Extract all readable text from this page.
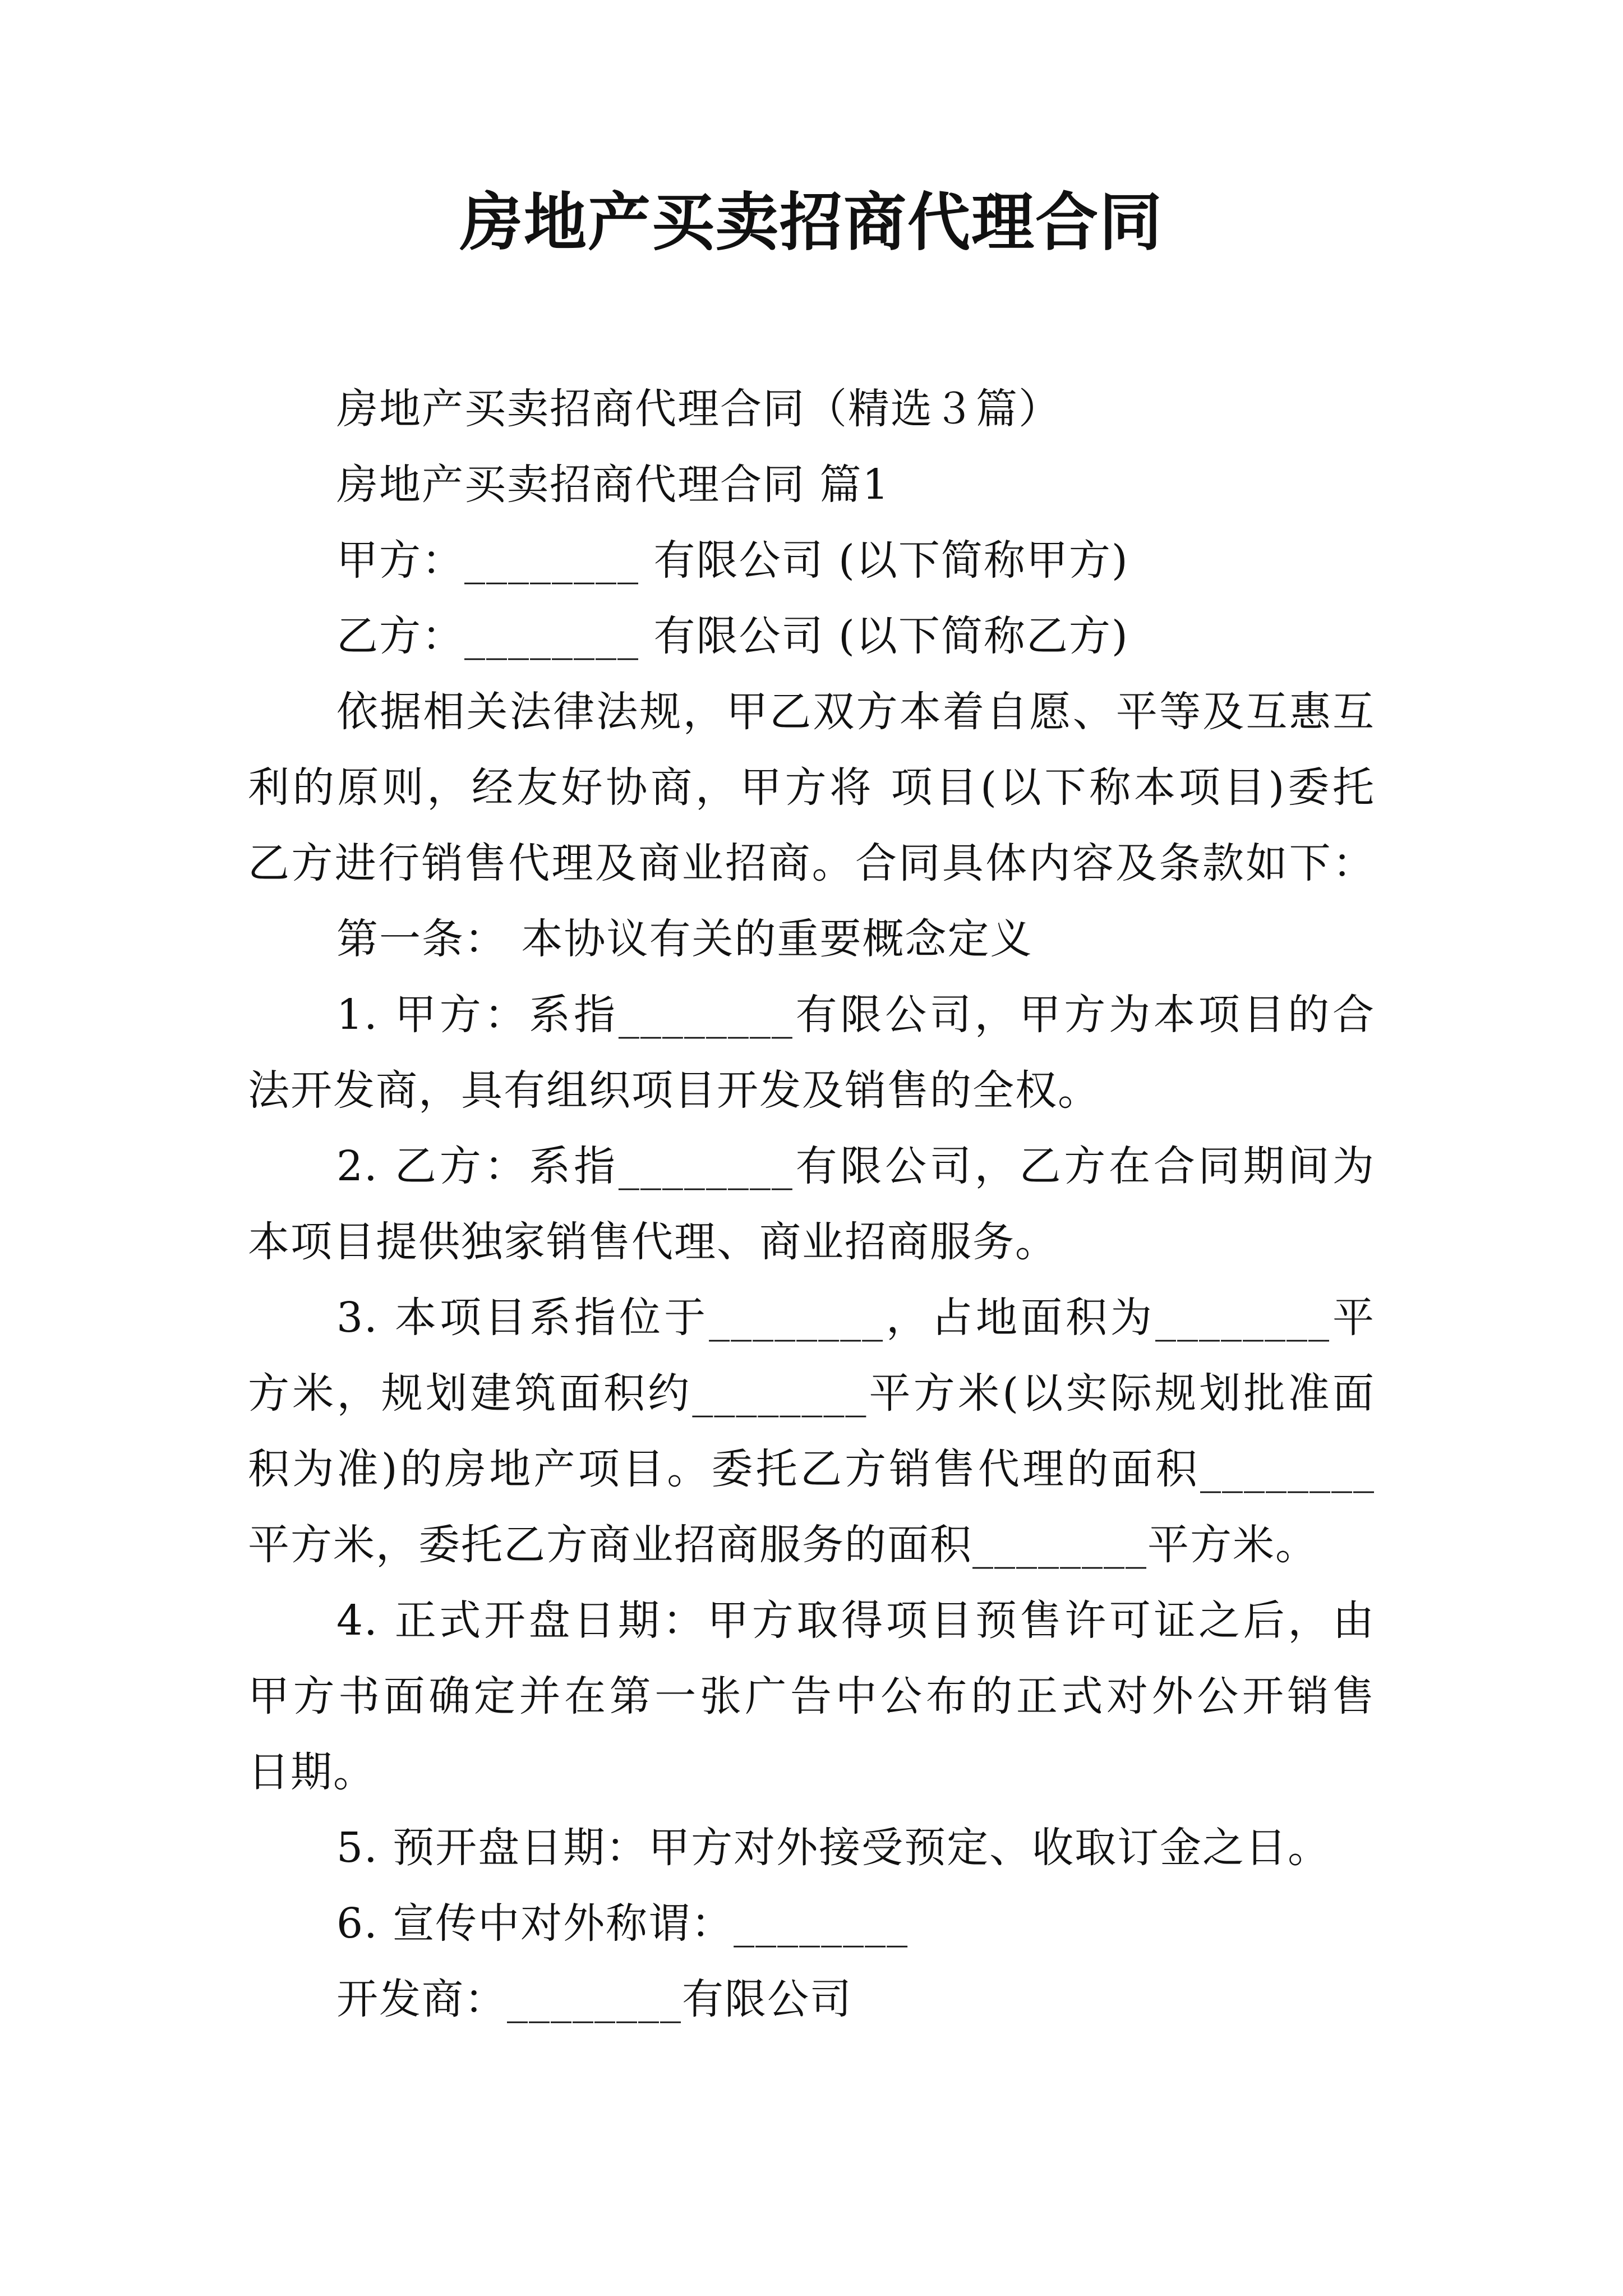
房地产买卖招商代理合同
房地产买卖招商代理合同（精选３篇）
房地产买卖招商代理合同 篇1
甲方：________ 有限公司 (以下简称甲方)
乙方：________ 有限公司 (以下简称乙方)
依据相关法律法规，甲乙双方本着自愿、平等及互惠互
利的原则，经友好协商，甲方将 项目(以下称本项目)委托
乙方进行销售代理及商业招商。合同具体内容及条款如下：
第一条： 本协议有关的重要概念定义
1. 甲方：系指________有限公司，甲方为本项目的合
法开发商，具有组织项目开发及销售的全权。
2. 乙方：系指________有限公司，乙方在合同期间为
本项目提供独家销售代理、商业招商服务。
3. 本项目系指位于________，占地面积为________平
方米，规划建筑面积约________平方米(以实际规划批准面
积为准)的房地产项目。委托乙方销售代理的面积________
平方米，委托乙方商业招商服务的面积________平方米。
4. 正式开盘日期：甲方取得项目预售许可证之后，由
甲方书面确定并在第一张广告中公布的正式对外公开销售
日期。
5. 预开盘日期：甲方对外接受预定、收取订金之日。
6. 宣传中对外称谓：________
开发商：________有限公司
